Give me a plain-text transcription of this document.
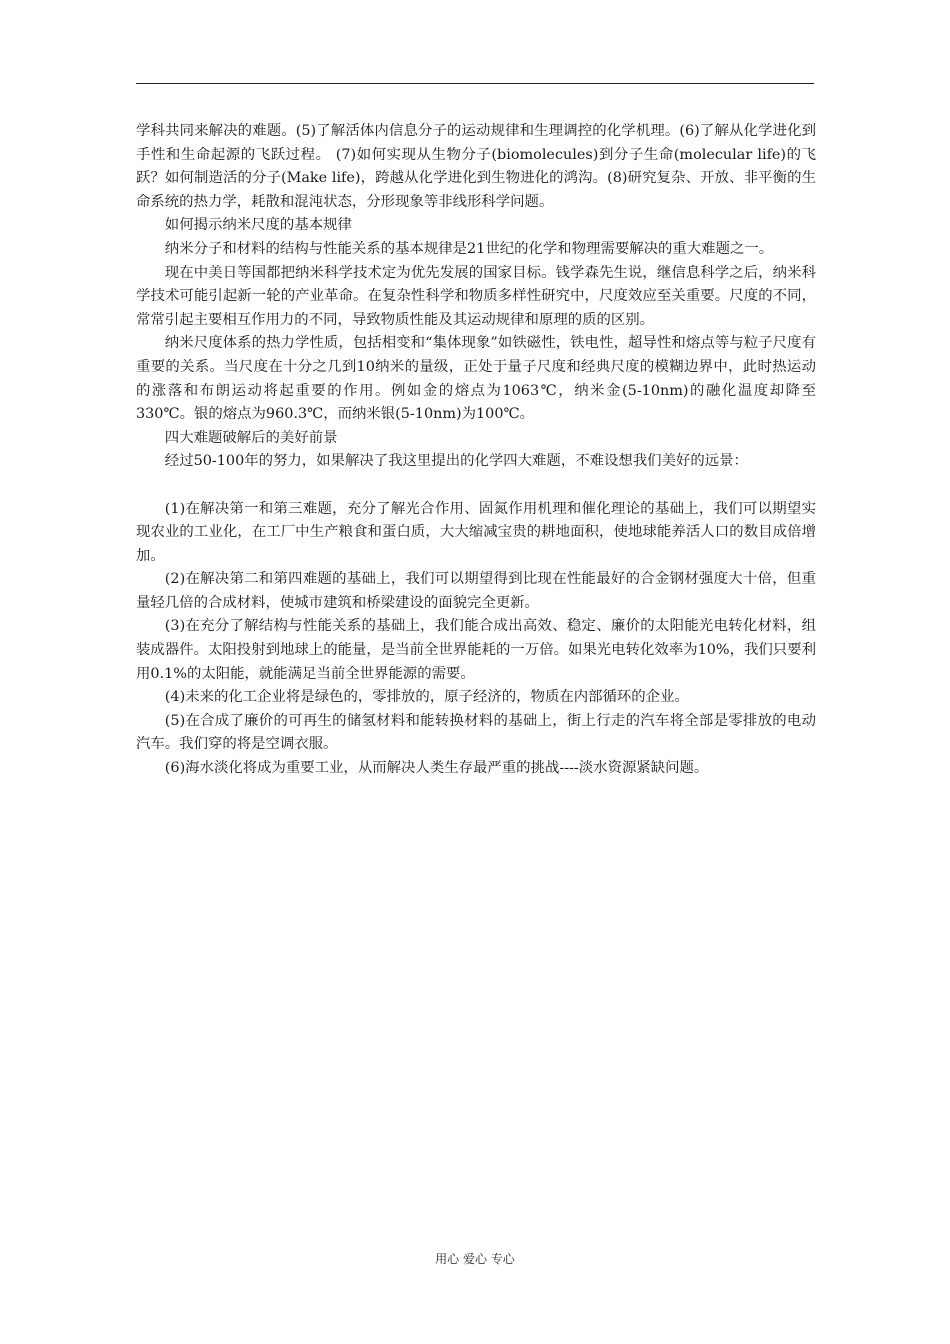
学科共同来解决的难题。(5)了解活体内信息分子的运动规律和生理调控的化学机理。(6)了解从化学进化到手性和生命起源的飞跃过程。 (7)如何实现从生物分子(biomolecules)到分子生命(molecular life)的飞跃？如何制造活的分子(Make life)，跨越从化学进化到生物进化的鸿沟。(8)研究复杂、开放、非平衡的生命系统的热力学，耗散和混沌状态，分形现象等非线形科学问题。

如何揭示纳米尺度的基本规律

纳米分子和材料的结构与性能关系的基本规律是21世纪的化学和物理需要解决的重大难题之一。

现在中美日等国都把纳米科学技术定为优先发展的国家目标。钱学森先生说，继信息科学之后，纳米科学技术可能引起新一轮的产业革命。在复杂性科学和物质多样性研究中，尺度效应至关重要。尺度的不同，常常引起主要相互作用力的不同，导致物质性能及其运动规律和原理的质的区别。

纳米尺度体系的热力学性质，包括相变和“集体现象”如铁磁性，铁电性，超导性和熔点等与粒子尺度有重要的关系。当尺度在十分之几到10纳米的量级，正处于量子尺度和经典尺度的模糊边界中，此时热运动的涨落和布朗运动将起重要的作用。例如金的熔点为1063℃，纳米金(5-10nm)的融化温度却降至330℃。银的熔点为960.3℃，而纳米银(5-10nm)为100℃。

四大难题破解后的美好前景

经过50-100年的努力，如果解决了我这里提出的化学四大难题，不难设想我们美好的远景：

(1)在解决第一和第三难题，充分了解光合作用、固氮作用机理和催化理论的基础上，我们可以期望实现农业的工业化，在工厂中生产粮食和蛋白质，大大缩减宝贵的耕地面积，使地球能养活人口的数目成倍增加。

(2)在解决第二和第四难题的基础上，我们可以期望得到比现在性能最好的合金钢材强度大十倍，但重量轻几倍的合成材料，使城市建筑和桥梁建设的面貌完全更新。

(3)在充分了解结构与性能关系的基础上，我们能合成出高效、稳定、廉价的太阳能光电转化材料，组装成器件。太阳投射到地球上的能量，是当前全世界能耗的一万倍。如果光电转化效率为10%，我们只要利用0.1%的太阳能，就能满足当前全世界能源的需要。

(4)未来的化工企业将是绿色的，零排放的，原子经济的，物质在内部循环的企业。

(5)在合成了廉价的可再生的储氢材料和能转换材料的基础上，街上行走的汽车将全部是零排放的电动汽车。我们穿的将是空调衣服。

(6)海水淡化将成为重要工业，从而解决人类生存最严重的挑战----淡水资源紧缺问题。

用心 爱心 专心
